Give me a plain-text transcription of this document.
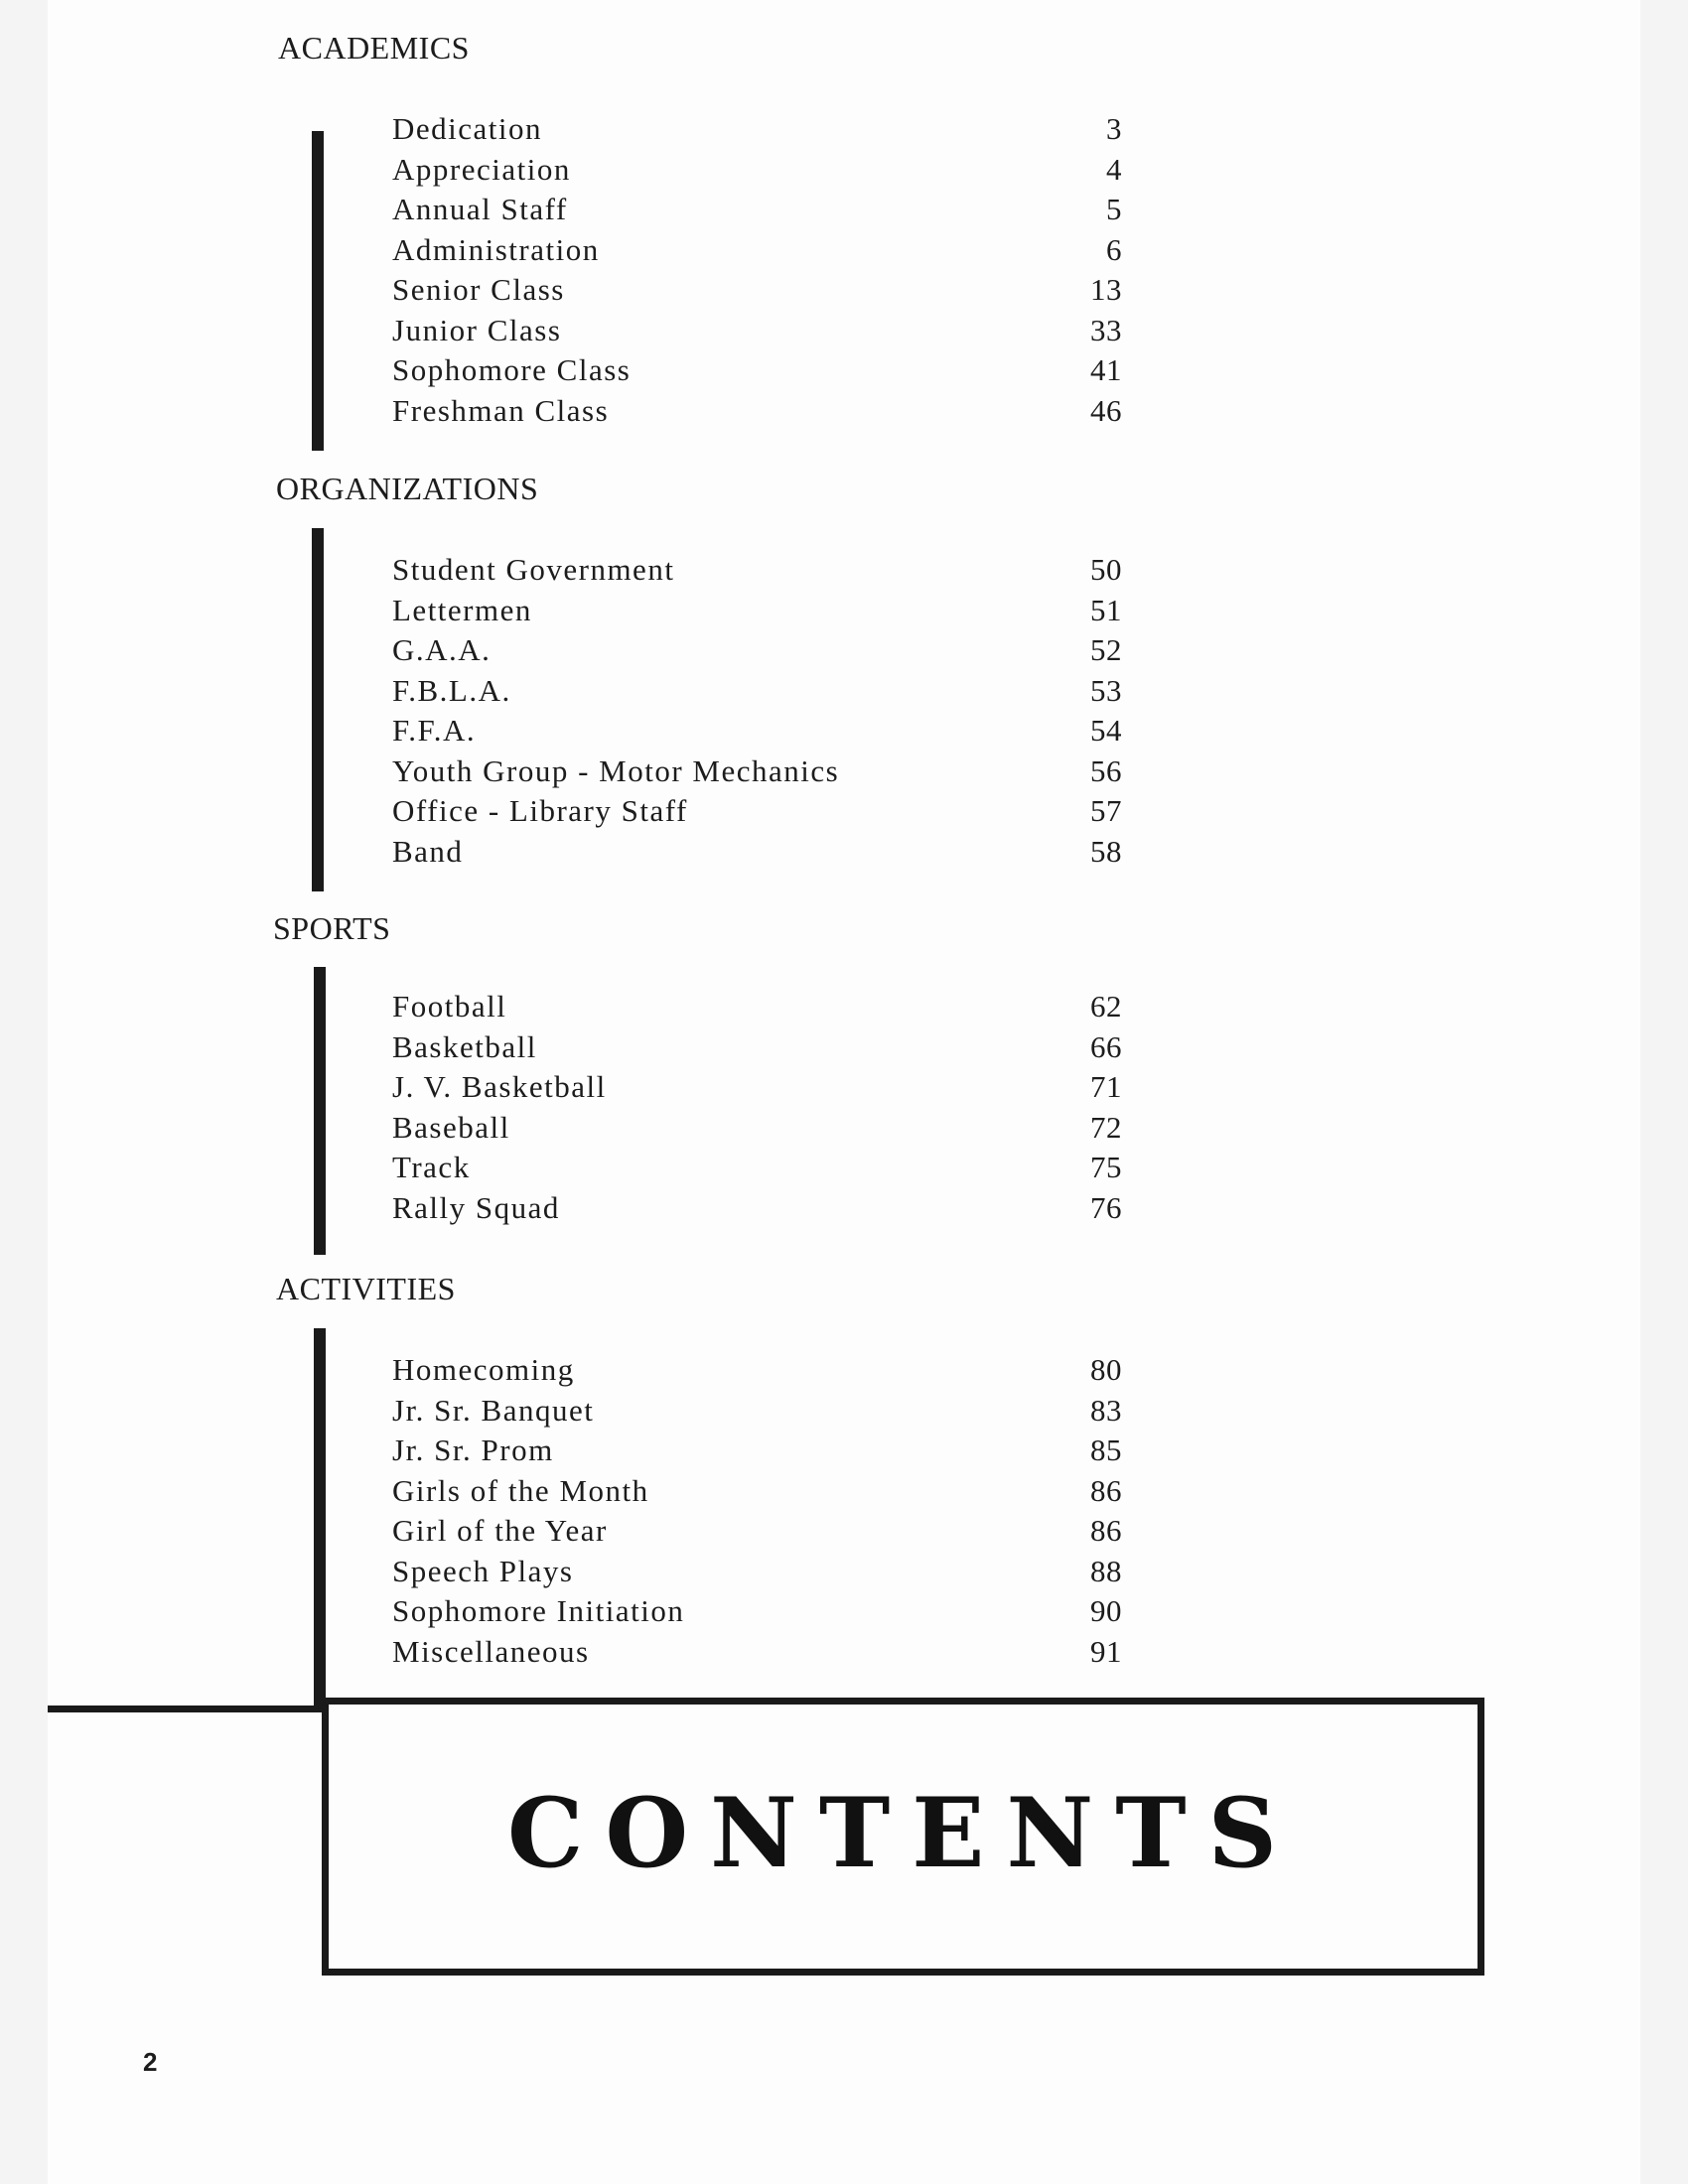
ACADEMICS
Dedication	3
Appreciation	4
Annual Staff	5
Administration	6
Senior Class	13
Junior Class	33
Sophomore Class	41
Freshman Class	46
ORGANIZATIONS
Student Government	50
Lettermen	51
G.A.A.	52
F.B.L.A.	53
F.F.A.	54
Youth Group - Motor Mechanics	56
Office - Library Staff	57
Band	58
SPORTS
Football	62
Basketball	66
J. V. Basketball	71
Baseball	72
Track	75
Rally Squad	76
ACTIVITIES
Homecoming	80
Jr. Sr. Banquet	83
Jr. Sr. Prom	85
Girls of the Month	86
Girl of the Year	86
Speech Plays	88
Sophomore Initiation	90
Miscellaneous	91
CONTENTS
2
